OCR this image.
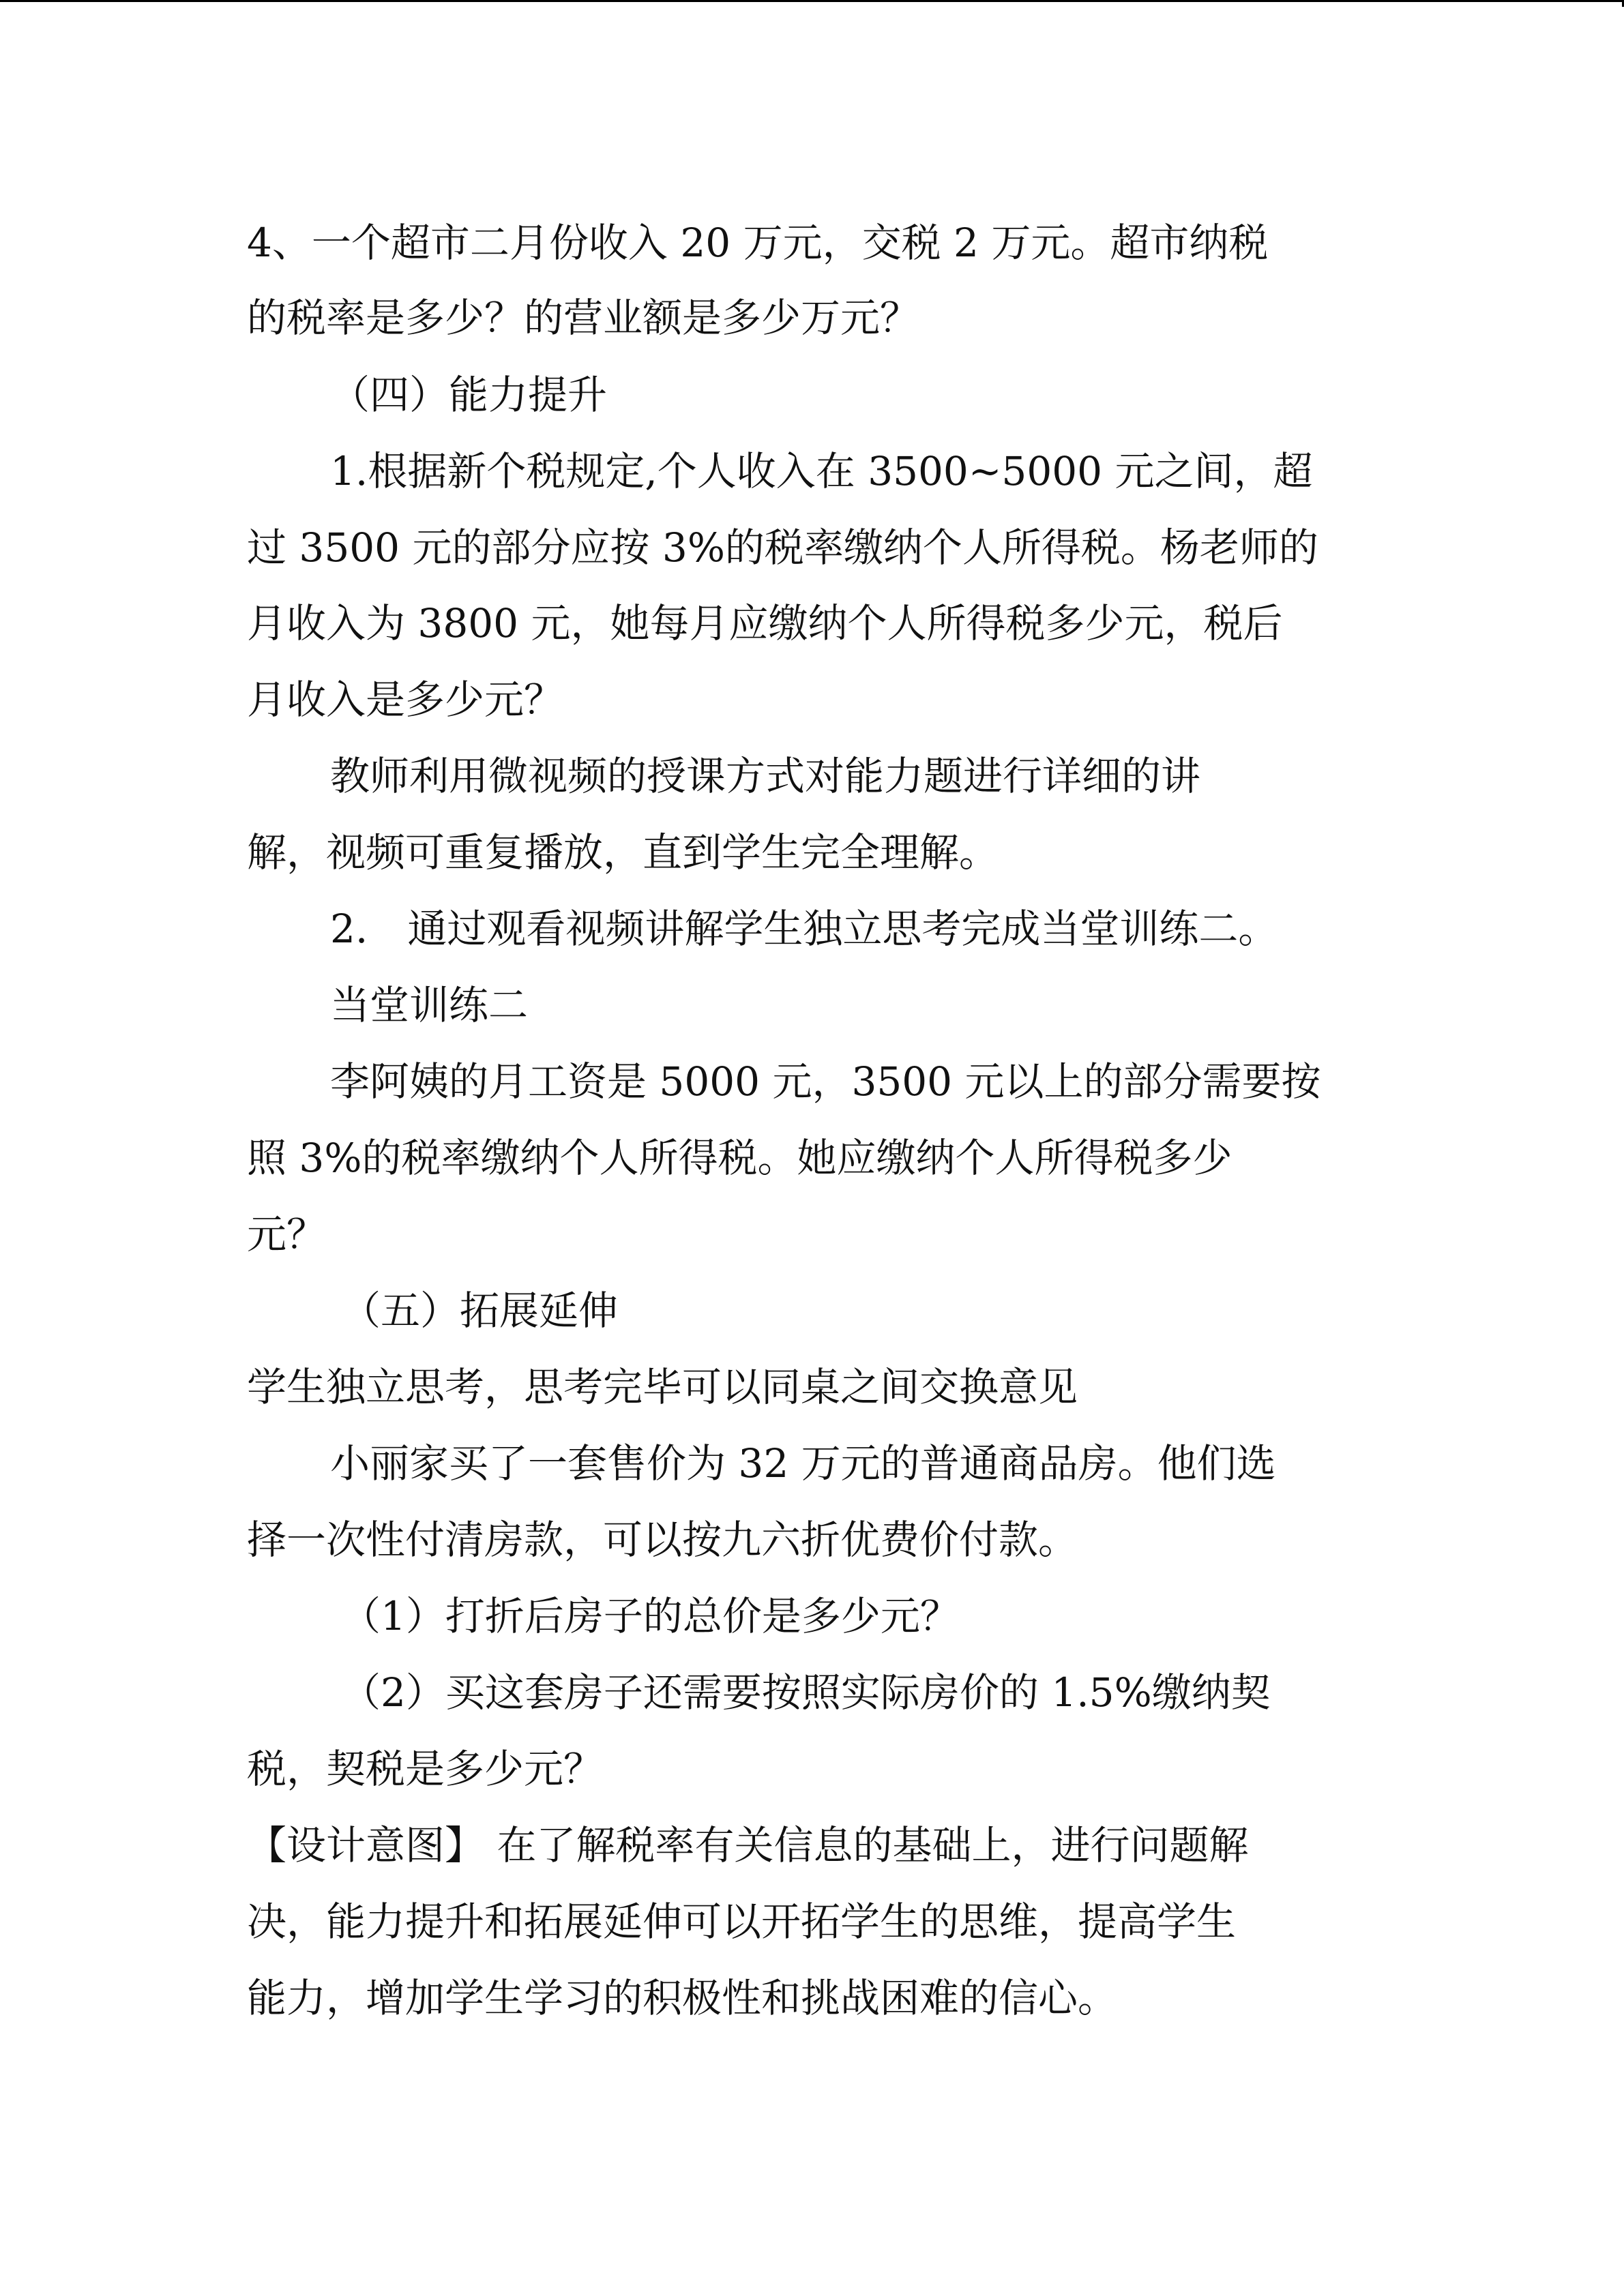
4、一个超市二月份收入 20 万元，交税 2 万元。超市纳税
的税率是多少？的营业额是多少万元？
（四）能力提升
1.根据新个税规定,个人收入在 3500~5000 元之间，超
过 3500 元的部分应按 3%的税率缴纳个人所得税。杨老师的
月收入为 3800 元，她每月应缴纳个人所得税多少元，税后
月收入是多少元？
教师利用微视频的授课方式对能力题进行详细的讲
解，视频可重复播放，直到学生完全理解。
2.　通过观看视频讲解学生独立思考完成当堂训练二。
当堂训练二
李阿姨的月工资是 5000 元，3500 元以上的部分需要按
照 3%的税率缴纳个人所得税。她应缴纳个人所得税多少
元？
（五）拓展延伸
学生独立思考，思考完毕可以同桌之间交换意见
小丽家买了一套售价为 32 万元的普通商品房。他们选
择一次性付清房款，可以按九六折优费价付款。
（1）打折后房子的总价是多少元？
（2）买这套房子还需要按照实际房价的 1.5%缴纳契
税，契税是多少元？
【设计意图】 在了解税率有关信息的基础上，进行问题解
决，能力提升和拓展延伸可以开拓学生的思维，提高学生
能力，增加学生学习的积极性和挑战困难的信心。
